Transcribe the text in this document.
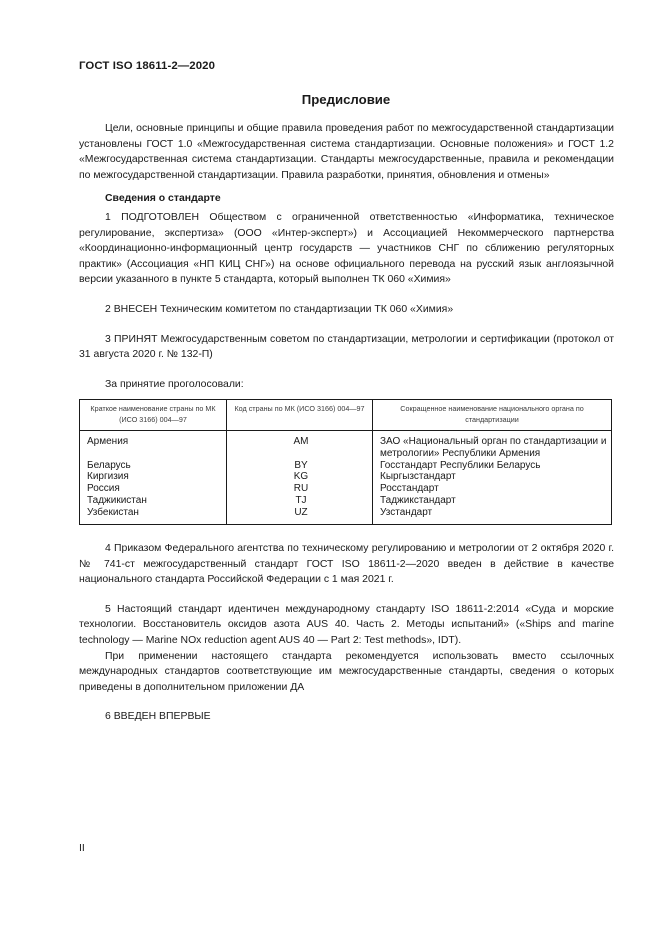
ГОСТ ISO 18611-2—2020
Предисловие

Цели, основные принципы и общие правила проведения работ по межгосударственной стандартизации установлены ГОСТ 1.0 «Межгосударственная система стандартизации. Основные положения» и ГОСТ 1.2 «Межгосударственная система стандартизации. Стандарты межгосударственные, правила и рекомендации по межгосударственной стандартизации. Правила разработки, принятия, обновления и отмены»

Сведения о стандарте

1 ПОДГОТОВЛЕН Обществом с ограниченной ответственностью «Информатика, техническое регулирование, экспертиза» (ООО «Интер-эксперт») и Ассоциацией Некоммерческого партнерства «Координационно-информационный центр государств — участников СНГ по сближению регуляторных практик» (Ассоциация «НП КИЦ СНГ») на основе официального перевода на русский язык англоязычной версии указанного в пункте 5 стандарта, который выполнен ТК 060 «Химия»

2 ВНЕСЕН Техническим комитетом по стандартизации ТК 060 «Химия»

3 ПРИНЯТ Межгосударственным советом по стандартизации, метрологии и сертификации (протокол от 31 августа 2020 г. № 132-П)

За принятие проголосовали:

Краткое наименование страны по МК (ИСО 3166) 004—97	Код страны по МК (ИСО 3166) 004—97	Сокращенное наименование национального органа по стандартизации
Армения	AM	ЗАО «Национальный орган по стандартизации и метрологии» Республики Армения
Беларусь	BY	Госстандарт Республики Беларусь
Киргизия	KG	Кыргызстандарт
Россия	RU	Росстандарт
Таджикистан	TJ	Таджикстандарт
Узбекистан	UZ	Узстандарт

4 Приказом Федерального агентства по техническому регулированию и метрологии от 2 октября 2020 г. № 741-ст межгосударственный стандарт ГОСТ ISO 18611-2—2020 введен в действие в качестве национального стандарта Российской Федерации с 1 мая 2021 г.

5 Настоящий стандарт идентичен международному стандарту ISO 18611-2:2014 «Суда и морские технологии. Восстановитель оксидов азота AUS 40. Часть 2. Методы испытаний» («Ships and marine technology — Marine NOx reduction agent AUS 40 — Part 2: Test methods», IDT).

При применении настоящего стандарта рекомендуется использовать вместо ссылочных международных стандартов соответствующие им межгосударственные стандарты, сведения о которых приведены в дополнительном приложении ДА

6 ВВЕДЕН ВПЕРВЫЕ

II
